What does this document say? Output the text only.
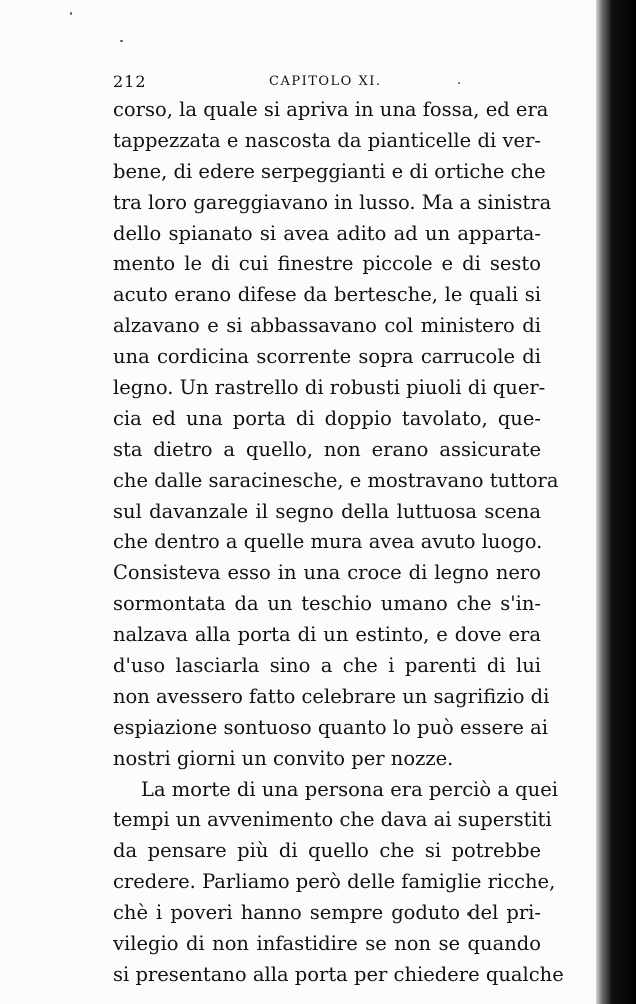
212	CAPITOLO XI.
corso, la quale si apriva in una fossa, ed era
tappezzata e nascosta da pianticelle di ver-
bene, di edere serpeggianti e di ortiche che
tra loro gareggiavano in lusso. Ma a sinistra
dello spianato si avea adito ad un apparta-
mento le di cui finestre piccole e di sesto
acuto erano difese da bertesche, le quali si
alzavano e si abbassavano col ministero di
una cordicina scorrente sopra carrucole di
legno. Un rastrello di robusti piuoli di quer-
cia ed una porta di doppio tavolato, que-
sta dietro a quello, non erano assicurate
che dalle saracinesche, e mostravano tuttora
sul davanzale il segno della luttuosa scena
che dentro a quelle mura avea avuto luogo.
Consisteva esso in una croce di legno nero
sormontata da un teschio umano che s'in-
nalzava alla porta di un estinto, e dove era
d'uso lasciarla sino a che i parenti di lui
non avessero fatto celebrare un sagrifizio di
espiazione sontuoso quanto lo può essere ai
nostri giorni un convito per nozze.
La morte di una persona era perciò a quei
tempi un avvenimento che dava ai superstiti
da pensare più di quello che si potrebbe
credere. Parliamo però delle famiglie ricche,
chè i poveri hanno sempre goduto del pri-
vilegio di non infastidire se non se quando
si presentano alla porta per chiedere qualche
